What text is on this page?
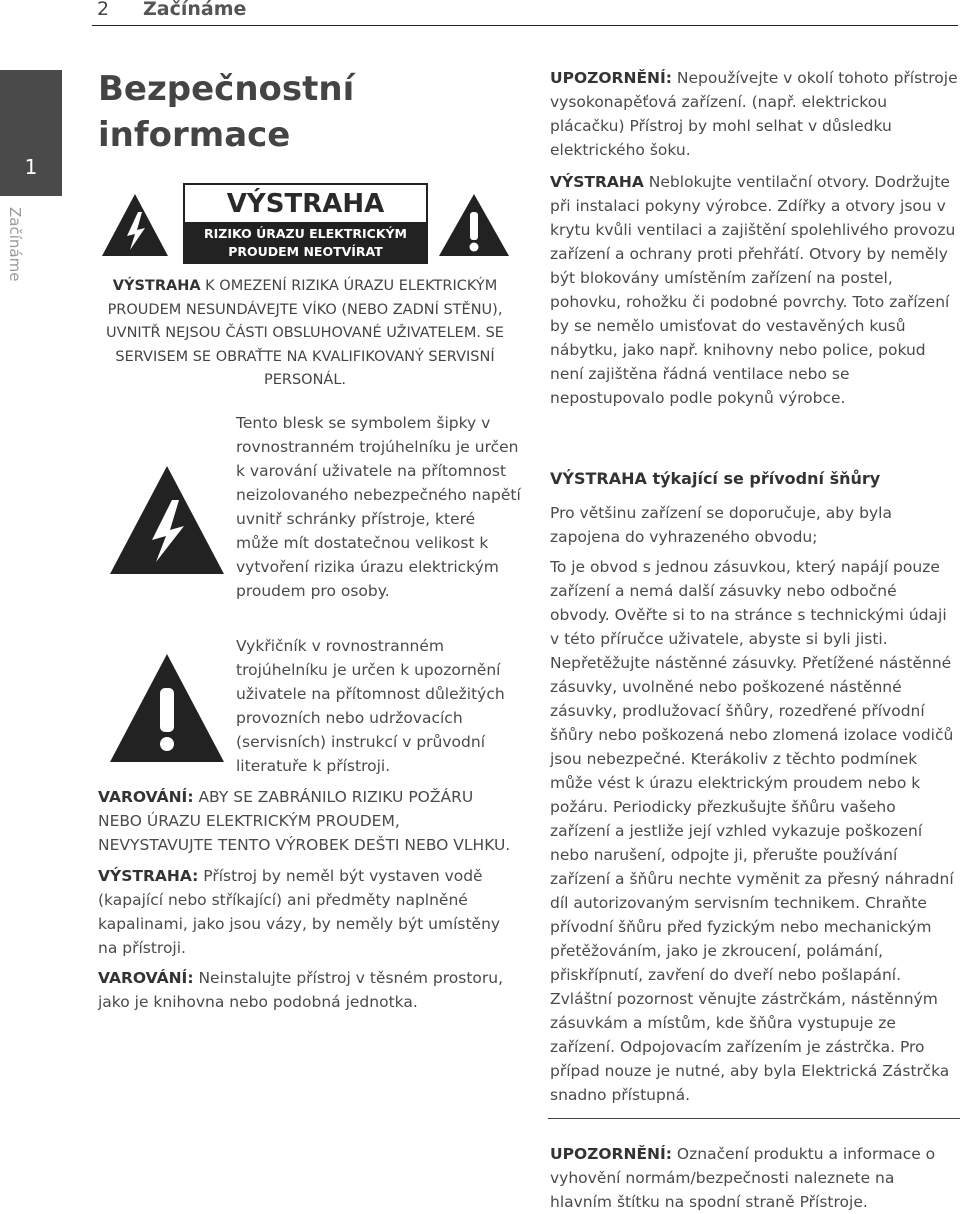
2 Začínáme
1
Začínáme
Bezpečnostní informace
VÝSTRAHA
RIZIKO ÚRAZU ELEKTRICKÝM
PROUDEM NEOTVÍRAT
VÝSTRAHA K OMEZENÍ RIZIKA ÚRAZU ELEKTRICKÝM PROUDEM NESUNDÁVEJTE VÍKO (NEBO ZADNÍ STĚNU), UVNITŘ NEJSOU ČÁSTI OBSLUHOVANÉ UŽIVATELEM. SE SERVISEM SE OBRAŤTE NA KVALIFIKOVANÝ SERVISNÍ PERSONÁL.
Tento blesk se symbolem šipky v rovnostranném trojúhelníku je určen k varování uživatele na přítomnost neizolovaného nebezpečného napětí uvnitř schránky přístroje, které může mít dostatečnou velikost k vytvoření rizika úrazu elektrickým proudem pro osoby.
Vykřičník v rovnostranném trojúhelníku je určen k upozornění uživatele na přítomnost důležitých provozních nebo udržovacích (servisních) instrukcí v průvodní literatuře k přístroji.
VAROVÁNÍ: ABY SE ZABRÁNILO RIZIKU POŽÁRU NEBO ÚRAZU ELEKTRICKÝM PROUDEM, NEVYSTAVUJTE TENTO VÝROBEK DEŠTI NEBO VLHKU.
VÝSTRAHA: Přístroj by neměl být vystaven vodě (kapající nebo stříkající) ani předměty naplněné kapalinami, jako jsou vázy, by neměly být umístěny na přístroji.
VAROVÁNÍ: Neinstalujte přístroj v těsném prostoru, jako je knihovna nebo podobná jednotka.
UPOZORNĚNÍ: Nepoužívejte v okolí tohoto přístroje vysokonapěťová zařízení. (např. elektrickou plácačku) Přístroj by mohl selhat v důsledku elektrického šoku.
VÝSTRAHA Neblokujte ventilační otvory. Dodržujte při instalaci pokyny výrobce. Zdířky a otvory jsou v krytu kvůli ventilaci a zajištění spolehlivého provozu zařízení a ochrany proti přehřátí. Otvory by neměly být blokovány umístěním zařízení na postel, pohovku, rohožku či podobné povrchy. Toto zařízení by se nemělo umisťovat do vestavěných kusů nábytku, jako např. knihovny nebo police, pokud není zajištěna řádná ventilace nebo se nepostupovalo podle pokynů výrobce.
VÝSTRAHA týkající se přívodní šňůry
Pro většinu zařízení se doporučuje, aby byla zapojena do vyhrazeného obvodu;
To je obvod s jednou zásuvkou, který napájí pouze zařízení a nemá další zásuvky nebo odbočné obvody. Ověřte si to na stránce s technickými údaji v této příručce uživatele, abyste si byli jisti. Nepřetěžujte nástěnné zásuvky. Přetížené nástěnné zásuvky, uvolněné nebo poškozené nástěnné zásuvky, prodlužovací šňůry, rozedřené přívodní šňůry nebo poškozená nebo zlomená izolace vodičů jsou nebezpečné. Kterákoliv z těchto podmínek může vést k úrazu elektrickým proudem nebo k požáru. Periodicky přezkušujte šňůru vašeho zařízení a jestliže její vzhled vykazuje poškození nebo narušení, odpojte ji, přerušte používání zařízení a šňůru nechte vyměnit za přesný náhradní díl autorizovaným servisním technikem. Chraňte přívodní šňůru před fyzickým nebo mechanickým přetěžováním, jako je zkroucení, polámání, přiskřípnutí, zavření do dveří nebo pošlapání. Zvláštní pozornost věnujte zástrčkám, nástěnným zásuvkám a místům, kde šňůra vystupuje ze zařízení. Odpojovacím zařízením je zástrčka. Pro případ nouze je nutné, aby byla Elektrická Zástrčka snadno přístupná.
UPOZORNĚNÍ: Označení produktu a informace o vyhovění normám/bezpečnosti naleznete na hlavním štítku na spodní straně Přístroje.
